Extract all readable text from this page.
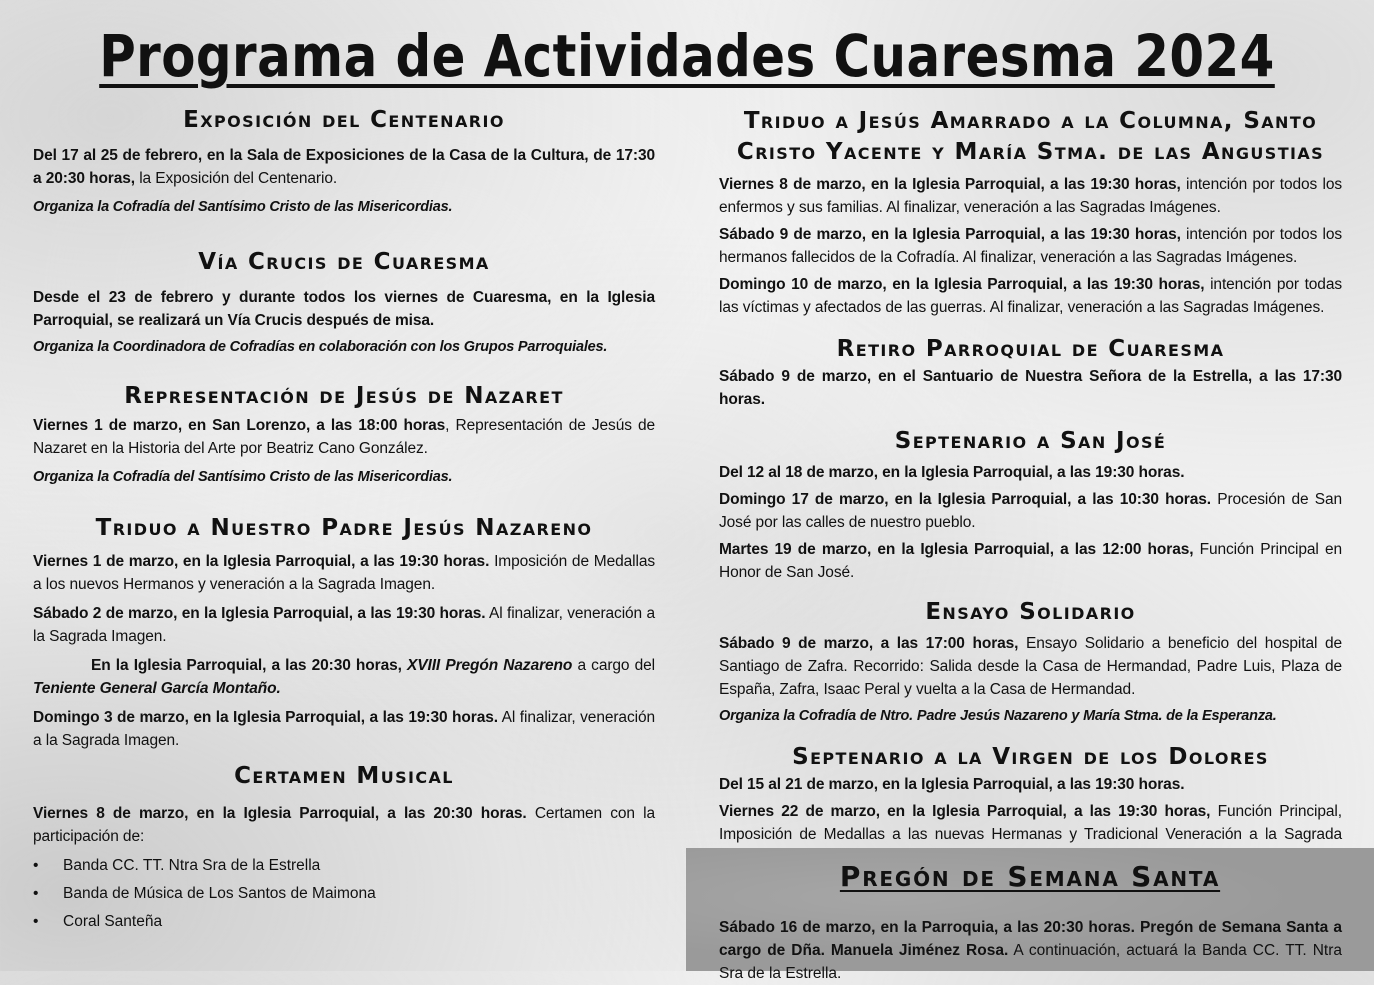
Programa de Actividades Cuaresma 2024
Exposición del Centenario

Del 17 al 25 de febrero, en la Sala de Exposiciones de la Casa de la Cultura, de 17:30 a 20:30 horas, la Exposición del Centenario.

Organiza la Cofradía del Santísimo Cristo de las Misericordias.

Vía Crucis de Cuaresma

Desde el 23 de febrero y durante todos los viernes de Cuaresma, en la Iglesia Parroquial, se realizará un Vía Crucis después de misa.

Organiza la Coordinadora de Cofradías en colaboración con los Grupos Parroquiales.

Representación de Jesús de Nazaret

Viernes 1 de marzo, en San Lorenzo, a las 18:00 horas, Representación de Jesús de Nazaret en la Historia del Arte por Beatriz Cano González.

Organiza la Cofradía del Santísimo Cristo de las Misericordias.

Triduo a Nuestro Padre Jesús Nazareno

Viernes 1 de marzo, en la Iglesia Parroquial, a las 19:30 horas. Imposición de Medallas a los nuevos Hermanos y veneración a la Sagrada Imagen.

Sábado 2 de marzo, en la Iglesia Parroquial, a las 19:30 horas. Al finalizar, veneración a la Sagrada Imagen.

En la Iglesia Parroquial, a las 20:30 horas, XVIII Pregón Nazareno a cargo del Teniente General García Montaño.

Domingo 3 de marzo, en la Iglesia Parroquial, a las 19:30 horas. Al finalizar, veneración a la Sagrada Imagen.

Certamen Musical

Viernes 8 de marzo, en la Iglesia Parroquial, a las 20:30 horas. Certamen con la participación de:

• Banda CC. TT. Ntra Sra de la Estrella
• Banda de Música de Los Santos de Maimona
• Coral Santeña
Triduo a Jesús Amarrado a la Columna, Santo
Cristo Yacente y María Stma. de las Angustias

Viernes 8 de marzo, en la Iglesia Parroquial, a las 19:30 horas, intención por todos los enfermos y sus familias. Al finalizar, veneración a las Sagradas Imágenes.

Sábado 9 de marzo, en la Iglesia Parroquial, a las 19:30 horas, intención por todos los hermanos fallecidos de la Cofradía. Al finalizar, veneración a las Sagradas Imágenes.

Domingo 10 de marzo, en la Iglesia Parroquial, a las 19:30 horas, intención por todas las víctimas y afectados de las guerras. Al finalizar, veneración a las Sagradas Imágenes.

Retiro Parroquial de Cuaresma

Sábado 9 de marzo, en el Santuario de Nuestra Señora de la Estrella, a las 17:30 horas.

Septenario a San José

Del 12 al 18 de marzo, en la Iglesia Parroquial, a las 19:30 horas.

Domingo 17 de marzo, en la Iglesia Parroquial, a las 10:30 horas. Procesión de San José por las calles de nuestro pueblo.

Martes 19 de marzo, en la Iglesia Parroquial, a las 12:00 horas, Función Principal en Honor de San José.

Ensayo Solidario

Sábado 9 de marzo, a las 17:00 horas, Ensayo Solidario a beneficio del hospital de Santiago de Zafra. Recorrido: Salida desde la Casa de Hermandad, Padre Luis, Plaza de España, Zafra, Isaac Peral y vuelta a la Casa de Hermandad.

Organiza la Cofradía de Ntro. Padre Jesús Nazareno y María Stma. de la Esperanza.

Septenario a la Virgen de los Dolores

Del 15 al 21 de marzo, en la Iglesia Parroquial, a las 19:30 horas.

Viernes 22 de marzo, en la Iglesia Parroquial, a las 19:30 horas, Función Principal, Imposición de Medallas a las nuevas Hermanas y Tradicional Veneración a la Sagrada

Pregón de Semana Santa

Sábado 16 de marzo, en la Parroquia, a las 20:30 horas. Pregón de Semana Santa a cargo de Dña. Manuela Jiménez Rosa. A continuación, actuará la Banda CC. TT. Ntra Sra de la Estrella.
